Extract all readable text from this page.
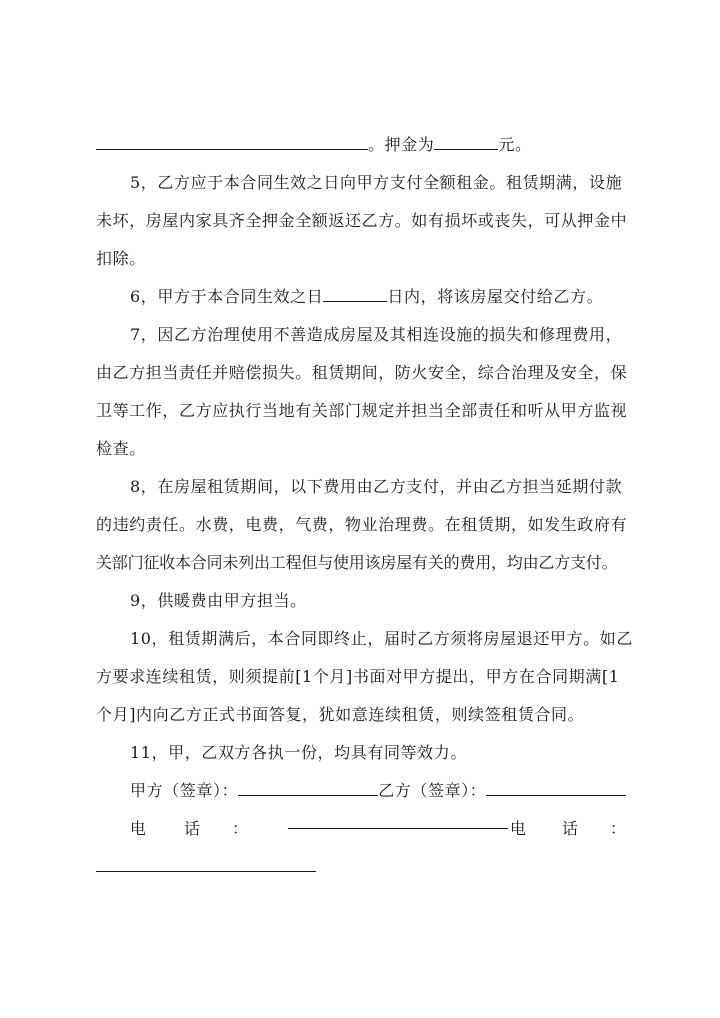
。押金为	元。
5，乙方应于本合同生效之日向甲方支付全额租金。租赁期满，设施
未坏，房屋内家具齐全押金全额返还乙方。如有损坏或丧失，可从押金中
扣除。
6，甲方于本合同生效之日	日内，将该房屋交付给乙方。
7，因乙方治理使用不善造成房屋及其相连设施的损失和修理费用，
由乙方担当责任并赔偿损失。租赁期间，防火安全，综合治理及安全，保
卫等工作，乙方应执行当地有关部门规定并担当全部责任和听从甲方监视
检查。
8，在房屋租赁期间，以下费用由乙方支付，并由乙方担当延期付款
的违约责任。水费，电费，气费，物业治理费。在租赁期，如发生政府有
关部门征收本合同未列出工程但与使用该房屋有关的费用，均由乙方支付。
9，供暖费由甲方担当。
10，租赁期满后，本合同即终止，届时乙方须将房屋退还甲方。如乙
方要求连续租赁，则须提前[1个月]书面对甲方提出，甲方在合同期满[1
个月]内向乙方正式书面答复，犹如意连续租赁，则续签租赁合同。
11，甲，乙双方各执一份，均具有同等效力。
甲方（签章）：	乙方（签章）：
电 话 ：	电 话 ：
